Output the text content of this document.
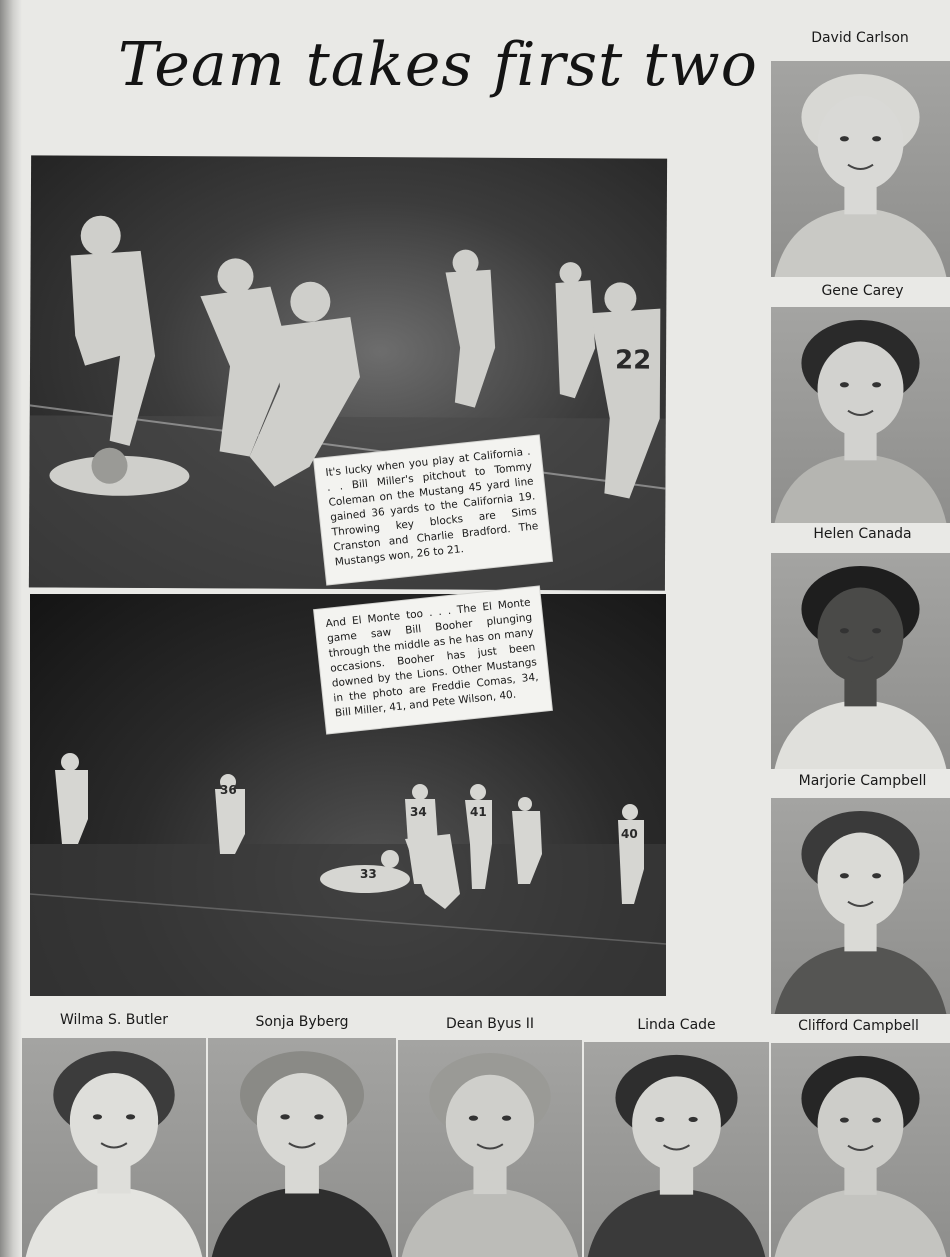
Team takes first two
22
It's lucky when you play at California . . . Bill Miller's pitchout to Tommy Coleman on the Mustang 45 yard line gained 36 yards to the California 19. Throwing key blocks are Sims Cranston and Charlie Bradford. The Mustangs won, 26 to 21.
34	41
40
36
33
And El Monte too . . . The El Monte game saw Bill Booher plunging through the middle as he has on many occasions. Booher has just been downed by the Lions. Other Mustangs in the photo are Freddie Comas, 34, Bill Miller, 41, and Pete Wilson, 40.
David Carlson
Gene Carey
Helen Canada
Marjorie Campbell
Wilma S. Butler	Sonja Byberg	Dean Byus II	Linda Cade	Clifford Campbell
